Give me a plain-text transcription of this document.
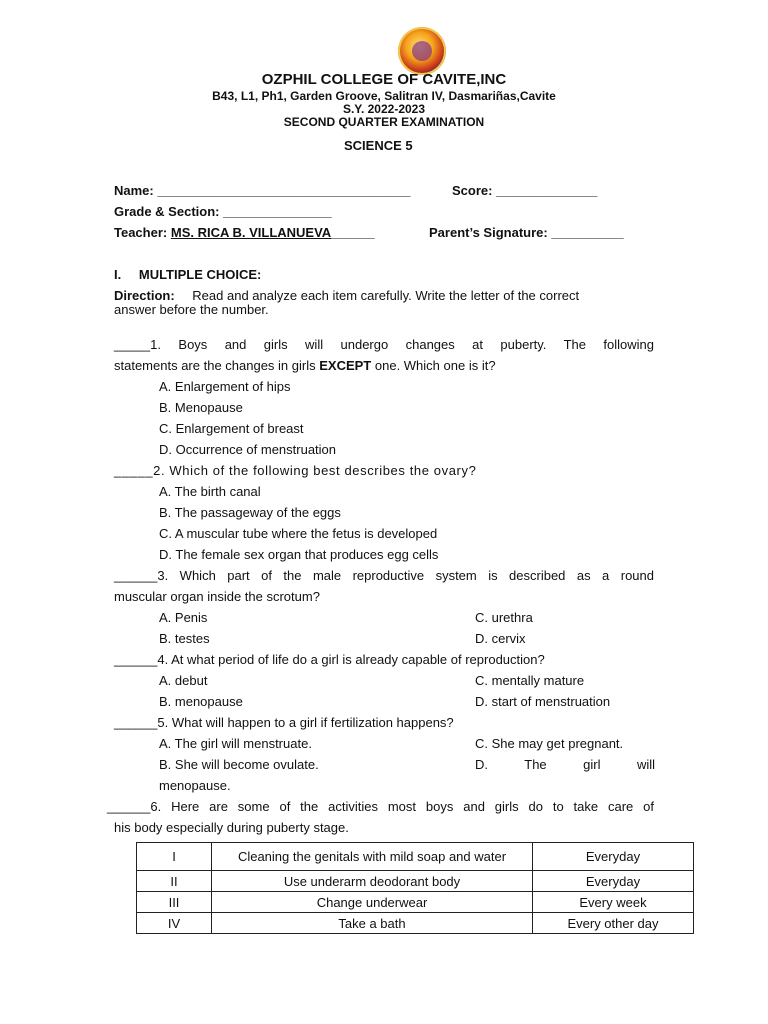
OZPHIL COLLEGE OF CAVITE,INC
B43, L1, Ph1, Garden Groove, Salitran IV, Dasmariñas,Cavite
S.Y. 2022-2023
SECOND QUARTER EXAMINATION
SCIENCE 5
Name: ___________________________________	Score: ______________
Grade & Section: _______________
Teacher: MS. RICA B. VILLANUEVA______	Parent’s Signature: __________
I. MULTIPLE CHOICE:
Direction: Read and analyze each item carefully. Write the letter of the correct
answer before the number.
_____1. Boys and girls will undergo changes at puberty. The following
statements are the changes in girls EXCEPT one. Which one is it?
A. Enlargement of hips
B. Menopause
C. Enlargement of breast
D. Occurrence of menstruation
_____2. Which of the following best describes the ovary?
A. The birth canal
B. The passageway of the eggs
C. A muscular tube where the fetus is developed
D. The female sex organ that produces egg cells
______3. Which part of the male reproductive system is described as a round
muscular organ inside the scrotum?
A. Penis	C. urethra
B. testes	D. cervix
______4. At what period of life do a girl is already capable of reproduction?
A. debut	C. mentally mature
B. menopause	D. start of menstruation
______5. What will happen to a girl if fertilization happens?
A. The girl will menstruate.	C. She may get pregnant.
B. She will become ovulate.	D. The girl will
menopause.
______6. Here are some of the activities most boys and girls do to take care of
his body especially during puberty stage.
I	Cleaning the genitals with mild soap and water	Everyday
II	Use underarm deodorant body	Everyday
III	Change underwear	Every week
IV	Take a bath	Every other day
